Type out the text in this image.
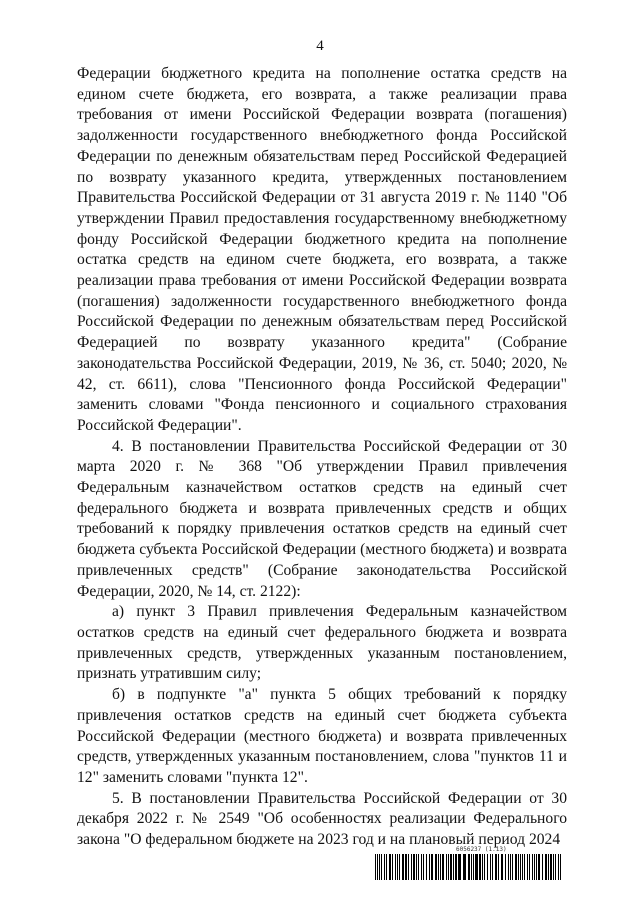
4

Федерации бюджетного кредита на пополнение остатка средств на едином счете бюджета, его возврата, а также реализации права требования от имени Российской Федерации возврата (погашения) задолженности государственного внебюджетного фонда Российской Федерации по денежным обязательствам перед Российской Федерацией по возврату указанного кредита, утвержденных постановлением Правительства Российской Федерации от 31 августа 2019 г. № 1140 "Об утверждении Правил предоставления государственному внебюджетному фонду Российской Федерации бюджетного кредита на пополнение остатка средств на едином счете бюджета, его возврата, а также реализации права требования от имени Российской Федерации возврата (погашения) задолженности государственного внебюджетного фонда Российской Федерации по денежным обязательствам перед Российской Федерацией по возврату указанного кредита" (Собрание законодательства Российской Федерации, 2019, № 36, ст. 5040; 2020, № 42, ст. 6611), слова "Пенсионного фонда Российской Федерации" заменить словами "Фонда пенсионного и социального страхования Российской Федерации".

4. В постановлении Правительства Российской Федерации от 30 марта 2020 г. № 368 "Об утверждении Правил привлечения Федеральным казначейством остатков средств на единый счет федерального бюджета и возврата привлеченных средств и общих требований к порядку привлечения остатков средств на единый счет бюджета субъекта Российской Федерации (местного бюджета) и возврата привлеченных средств" (Собрание законодательства Российской Федерации, 2020, № 14, ст. 2122):

а) пункт 3 Правил привлечения Федеральным казначейством остатков средств на единый счет федерального бюджета и возврата привлеченных средств, утвержденных указанным постановлением, признать утратившим силу;

б) в подпункте "а" пункта 5 общих требований к порядку привлечения остатков средств на единый счет бюджета субъекта Российской Федерации (местного бюджета) и возврата привлеченных средств, утвержденных указанным постановлением, слова "пунктов 11 и 12" заменить словами "пункта 12".

5. В постановлении Правительства Российской Федерации от 30 декабря 2022 г. № 2549 "Об особенностях реализации Федерального закона "О федеральном бюджете на 2023 год и на плановый период 2024

6056237 (1.13)
